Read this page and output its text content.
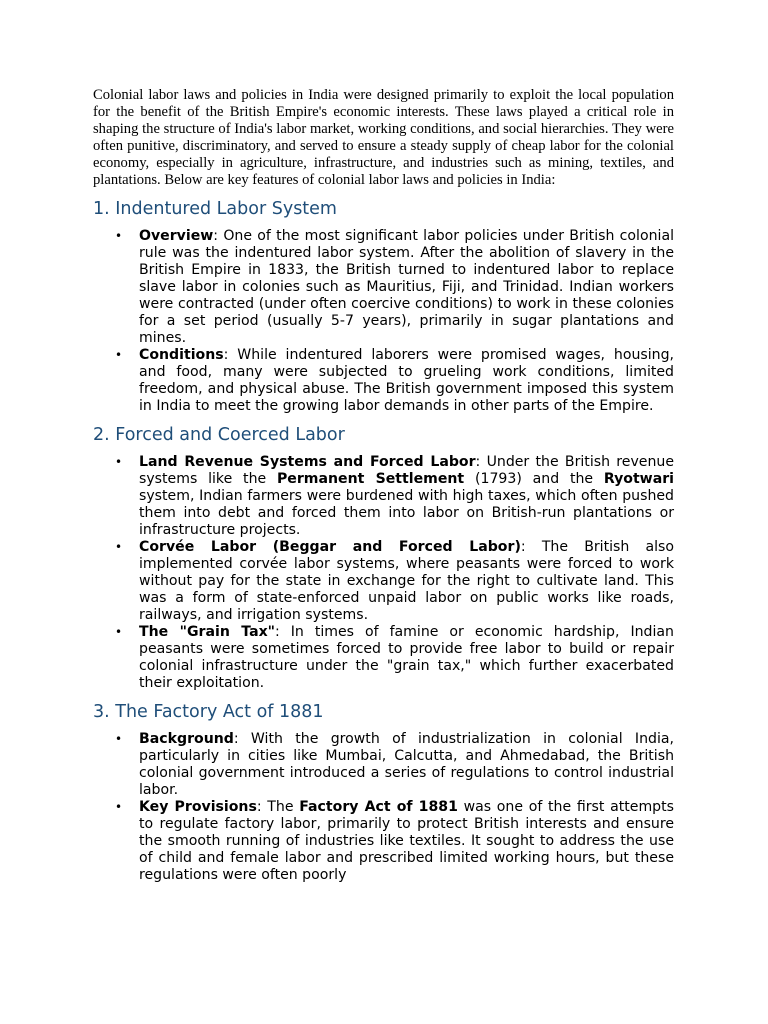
Colonial labor laws and policies in India were designed primarily to exploit the local population for the benefit of the British Empire's economic interests. These laws played a critical role in shaping the structure of India's labor market, working conditions, and social hierarchies. They were often punitive, discriminatory, and served to ensure a steady supply of cheap labor for the colonial economy, especially in agriculture, infrastructure, and industries such as mining, textiles, and plantations. Below are key features of colonial labor laws and policies in India:

1. Indentured Labor System
• Overview: One of the most significant labor policies under British colonial rule was the indentured labor system. After the abolition of slavery in the British Empire in 1833, the British turned to indentured labor to replace slave labor in colonies such as Mauritius, Fiji, and Trinidad. Indian workers were contracted (under often coercive conditions) to work in these colonies for a set period (usually 5-7 years), primarily in sugar plantations and mines.
• Conditions: While indentured laborers were promised wages, housing, and food, many were subjected to grueling work conditions, limited freedom, and physical abuse. The British government imposed this system in India to meet the growing labor demands in other parts of the Empire.
2. Forced and Coerced Labor
• Land Revenue Systems and Forced Labor: Under the British revenue systems like the Permanent Settlement (1793) and the Ryotwari system, Indian farmers were burdened with high taxes, which often pushed them into debt and forced them into labor on British-run plantations or infrastructure projects.
• Corvée Labor (Beggar and Forced Labor): The British also implemented corvée labor systems, where peasants were forced to work without pay for the state in exchange for the right to cultivate land. This was a form of state-enforced unpaid labor on public works like roads, railways, and irrigation systems.
• The "Grain Tax": In times of famine or economic hardship, Indian peasants were sometimes forced to provide free labor to build or repair colonial infrastructure under the "grain tax," which further exacerbated their exploitation.
3. The Factory Act of 1881
• Background: With the growth of industrialization in colonial India, particularly in cities like Mumbai, Calcutta, and Ahmedabad, the British colonial government introduced a series of regulations to control industrial labor.
• Key Provisions: The Factory Act of 1881 was one of the first attempts to regulate factory labor, primarily to protect British interests and ensure the smooth running of industries like textiles. It sought to address the use of child and female labor and prescribed limited working hours, but these regulations were often poorly
